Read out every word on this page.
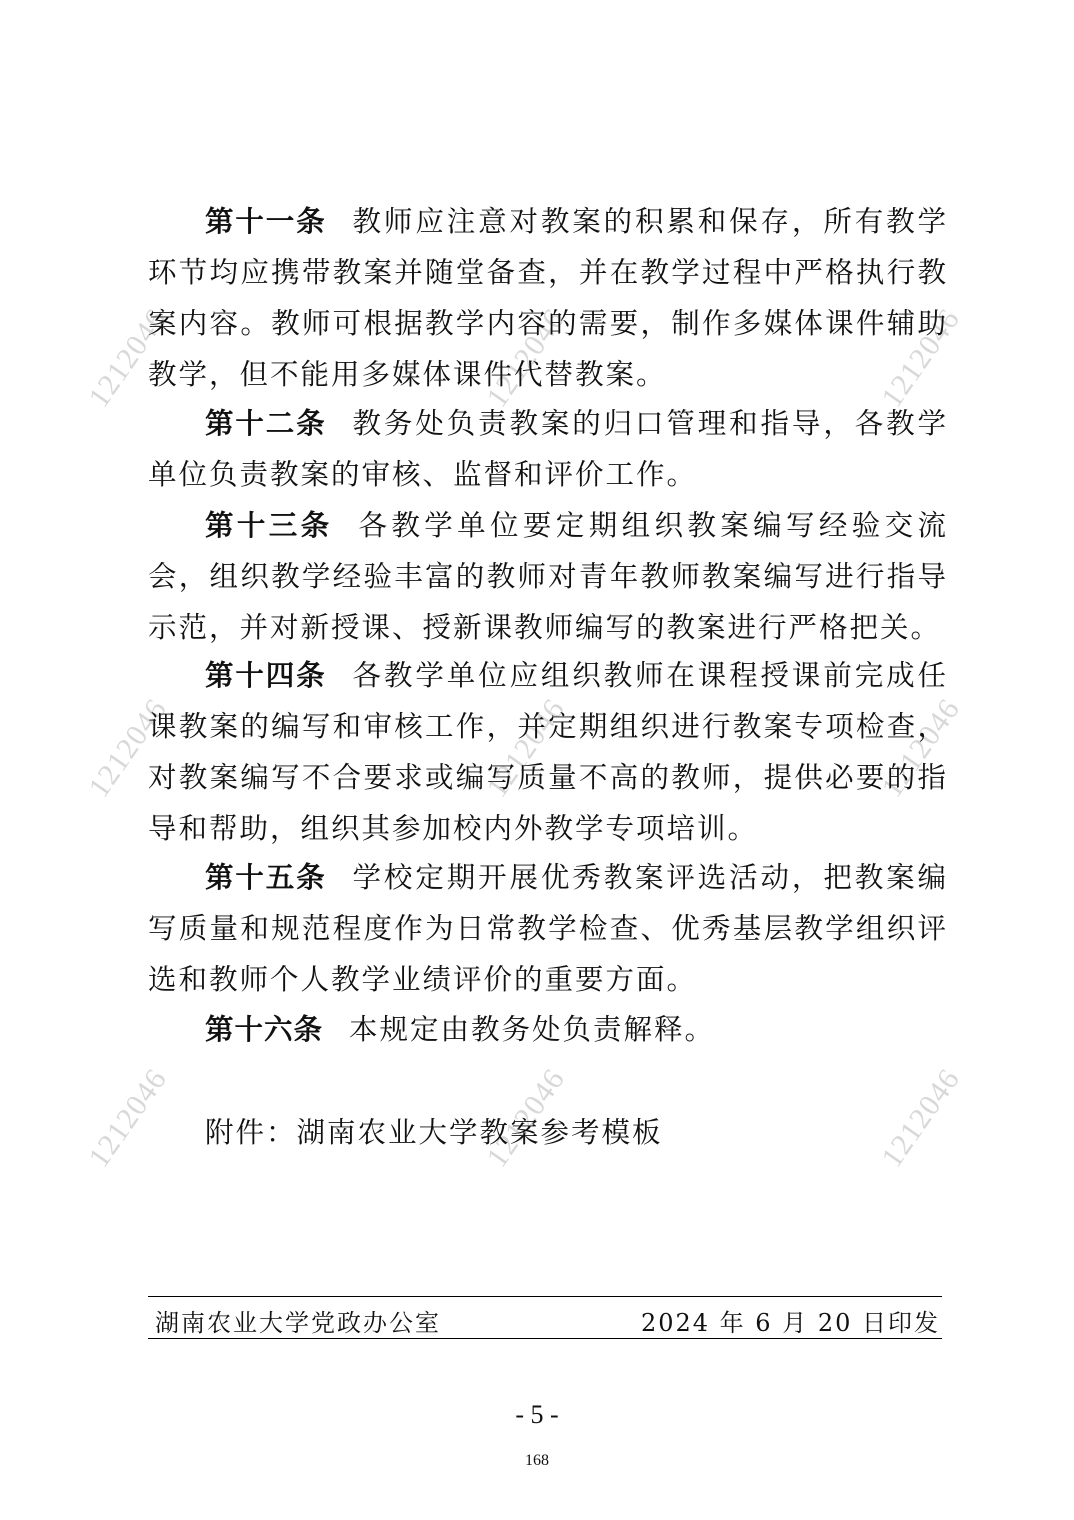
1212046	1212046	1212046
1212046	1212046	1212046
1212046	1212046	1212046

第十一条 教师应注意对教案的积累和保存，所有教学环节均应携带教案并随堂备查，并在教学过程中严格执行教案内容。教师可根据教学内容的需要，制作多媒体课件辅助教学，但不能用多媒体课件代替教案。

第十二条 教务处负责教案的归口管理和指导，各教学单位负责教案的审核、监督和评价工作。

第十三条 各教学单位要定期组织教案编写经验交流会，组织教学经验丰富的教师对青年教师教案编写进行指导示范，并对新授课、授新课教师编写的教案进行严格把关。

第十四条 各教学单位应组织教师在课程授课前完成任课教案的编写和审核工作，并定期组织进行教案专项检查，对教案编写不合要求或编写质量不高的教师，提供必要的指导和帮助，组织其参加校内外教学专项培训。

第十五条 学校定期开展优秀教案评选活动，把教案编写质量和规范程度作为日常教学检查、优秀基层教学组织评选和教师个人教学业绩评价的重要方面。

第十六条 本规定由教务处负责解释。

附件：湖南农业大学教案参考模板
湖南农业大学党政办公室	2024 年 6 月 20 日印发
- 5 -
168
